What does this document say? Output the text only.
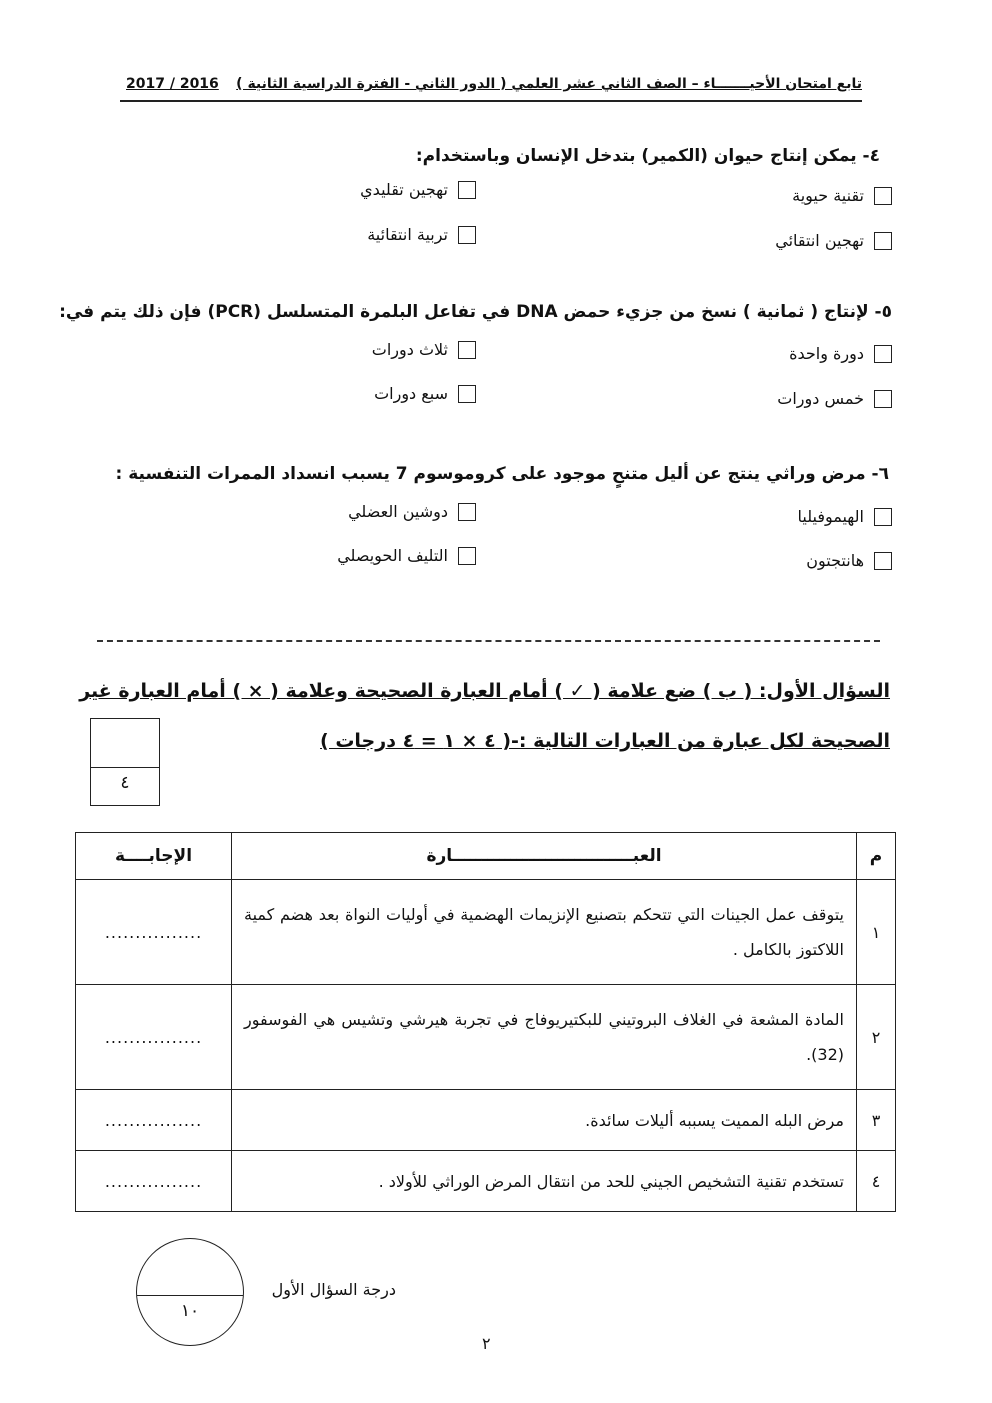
2017 / 2016 تابع امتحان الأحيـــــــاء – الصف الثاني عشر العلمي ( الدور الثاني - الفترة الدراسية الثانية )
٤- يمكن إنتاج حيوان (الكمير) بتدخل الإنسان وباستخدام:
تقنية حيوية
تهجين تقليدي
تهجين انتقائي
تربية انتقائية
٥- لإنتاج ( ثمانية ) نسخ من جزيء حمض DNA في تفاعل البلمرة المتسلسل (PCR) فإن ذلك يتم في:
دورة واحدة
ثلاث دورات
خمس دورات
سبع دورات
٦- مرض وراثي ينتج عن أليل متنحٍ موجود على كروموسوم 7 يسبب انسداد الممرات التنفسية :
الهيموفيليا
دوشين العضلي
هانتجتون
التليف الحويصلي
السؤال الأول: ( ب ) ضع علامة ( ✓ ) أمام العبارة الصحيحة وعلامة ( × ) أمام العبارة غير
الصحيحة لكل عبارة من العبارات التالية :-( ٤ × ١ = ٤ درجات )
٤
م	العبـــــــــــــــــــــــــــــــارة	الإجابــــة
١	يتوقف عمل الجينات التي تتحكم بتصنيع الإنزيمات الهضمية في أوليات النواة بعد هضم كمية اللاكتوز بالكامل .	................
٢	المادة المشعة في الغلاف البروتيني للبكتيريوفاج في تجربة هيرشي وتشيس هي الفوسفور (32).	................
٣	مرض البله المميت يسببه أليلات سائدة.	................
٤	تستخدم تقنية التشخيص الجيني للحد من انتقال المرض الوراثي للأولاد .	................
١٠
درجة السؤال الأول
٢
